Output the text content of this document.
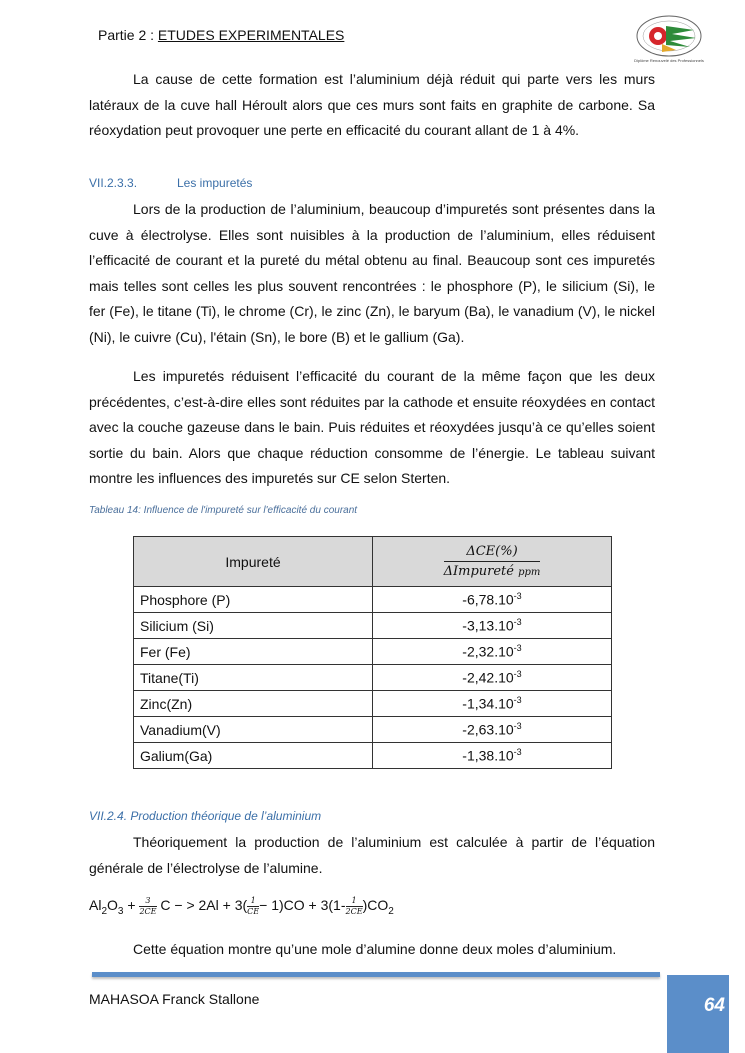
Partie 2 : ETUDES EXPERIMENTALES
Diplôme Renouvelé des Professionnels

La cause de cette formation est l’aluminium déjà réduit qui parte vers les murs latéraux de la cuve hall Héroult alors que ces murs sont faits en graphite de carbone. Sa réoxydation peut provoquer une perte en efficacité du courant allant de 1 à 4%.

VII.2.3.3.	Les impuretés

Lors de la production de l’aluminium, beaucoup d’impuretés sont présentes dans la cuve à électrolyse. Elles sont nuisibles à la production de l’aluminium, elles réduisent l’efficacité de courant et la pureté du métal obtenu au final. Beaucoup sont ces impuretés mais telles sont celles les plus souvent rencontrées : le phosphore (P), le silicium (Si), le fer (Fe), le titane (Ti), le chrome (Cr), le zinc (Zn), le baryum (Ba), le vanadium (V), le nickel (Ni), le cuivre (Cu), l'étain (Sn), le bore (B) et le gallium (Ga).

Les impuretés réduisent l’efficacité du courant de la même façon que les deux précédentes, c’est-à-dire elles sont réduites par la cathode et ensuite réoxydées en contact avec la couche gazeuse dans le bain. Puis réduites et réoxydées jusqu’à ce qu’elles soient sortie du bain. Alors que chaque réduction consomme de l’énergie. Le tableau suivant montre les influences des impuretés sur CE selon Sterten.

Tableau 14: Influence de l'impureté sur l'efficacité du courant
Impureté	$\frac{\text{ΔCE(\%)}}{\text{ΔImpureté ppm}}$

Phosphore (P)	$-6,78.10^{-3}$
Silicium (Si)	$-3,13.10^{-3}$
Fer (Fe)	$-2,32.10^{-3}$
Titane(Ti)	$-2,42.10^{-3}$
Zinc(Zn)	$-1,34.10^{-3}$
Vanadium(V)	$-2,63.10^{-3}$
Galium(Ga)	$-1,38.10^{-3}$
VII.2.4. Production théorique de l’aluminium

Théoriquement la production de l’aluminium est calculée à partir de l’équation générale de l’électrolyse de l’alumine.

$Al_2O_3 + \frac{3}{2CE}$ C − > $2Al + 3( \frac{1}{CE} - 1)CO + 3(1- \frac{1}{2CE} )CO_2$

Cette équation montre qu’une mole d’alumine donne deux moles d’aluminium.

MAHASOA Franck Stallone	64
